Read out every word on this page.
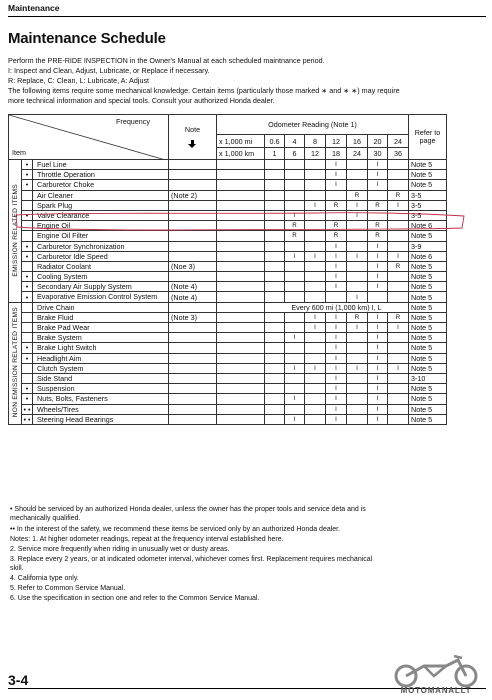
Maintenance
Maintenance Schedule
Perform the PRE-RIDE INSPECTION in the Owner's Manual at each scheduled maintnance period.
I: Inspect and Clean, Adjust, Lubricate, or Replace if necessary.
R: Replace, C: Clean, L: Lubricate, A: Adjust
The following items require some mechanical knowledge. Certain items (particularly those marked ∗ and ∗ ∗) may require
more technical information and special tools. Consult your authorized Honda dealer.
Frequency
Item			Note	Odometer Reading (Note 1)								Refer to page
				x 1,000 mi	0.6	4	8	12	16	20	24	
				x 1,000 km	1	6	12	18	24	30	36	
EMISSION RELATED ITEMS	•	Fuel Line						I		I		Note 5
	•	Throttle Operation						I		I		Note 5
	•	Carburetor Choke						I		I		Note 5
		Air Cleaner	(Note 2)						R		R	3-5
		Spark Plug					I	R	I	R	I	3-5
	•	Valve Clearance				I			I			3-5
		Engine Oil				R		R		R		Note 6
		Engine Oil Filter				R		R		R		Note 5
	•	Carburetor Synchronization						I		I		3-9
	•	Carburetor Idle Speed				I	I	I	I	I	I	Note 6
		Radiator Coolant	(Noe 3)					I		I	R	Note 5
	•	Cooling System						I		I		Note 5
	•	Secondary Air Supply System	(Note 4)					I		I		Note 5
	•	Evaporative Emission Control System	(Note 4)						I			Note 5
NON EMISSION RELATED ITEMS		Drive Chain			Every 600 mi (1,000 km) I, L							Note 5
		Brake Fluid	(Note 3)				I	I	R	I	R	Note 5
		Brake Pad Wear					I	I	I	I	I	Note 5
		Brake System				I		I		I		Note 5
	•	Brake Light Switch						I		I		Note 5
	•	Headlight Aim						I		I		Note 5
		Clutch System				I	I	I	I	I	I	Note 5
		Side Stand						I		I		3-10
	•	Suspension						I		I		Note 5
	•	Nuts, Bolts, Fasteners				I		I		I		Note 5
	• •	Wheels/Tires						I		I		Note 5
	• •	Steering Head Bearings				I		I		I		Note 5
• Should be serviced by an authorized Honda dealer, unless the owner has the proper tools and service deta and is
mechanically qualified.
•• In the interest of the safety, we recommend these items be serviced only by an authorized Honda dealer.
Notes: 1. At higher odometer readings, repeat at the frequency interval established here.
2. Service more frequently when riding in unusually wet or dusty areas.
3. Replace every 2 years, or at indicated odometer interval, whichever comes first. Replacement requires mechanical
skill.
4. California type only.
5. Refer to Common Service Manual.
6. Use the specification in section one and refer to the Common Service Manual.
3-4
MOTOMANALLT
